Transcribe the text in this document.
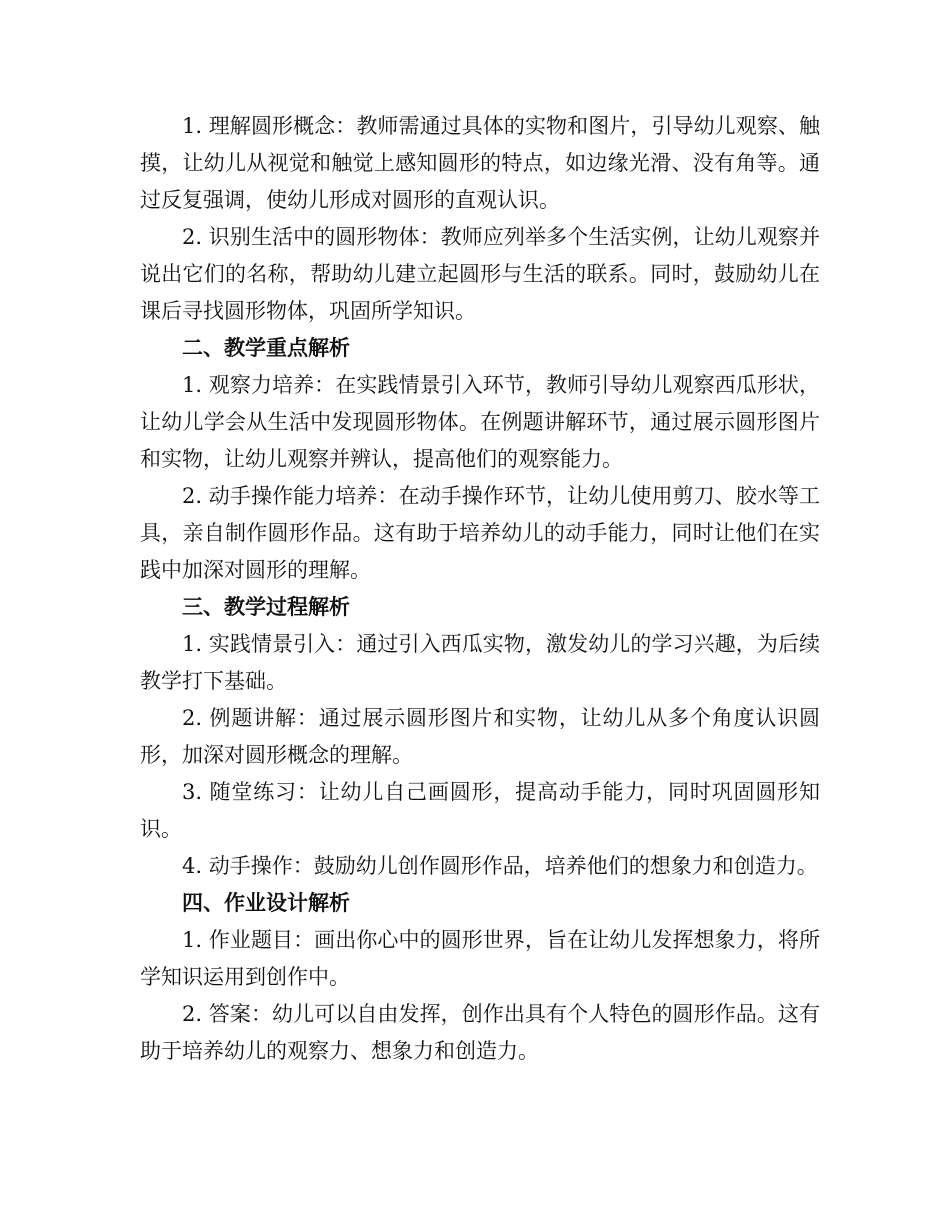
1. 理解圆形概念：教师需通过具体的实物和图片，引导幼儿观察、触摸，让幼儿从视觉和触觉上感知圆形的特点，如边缘光滑、没有角等。通过反复强调，使幼儿形成对圆形的直观认识。

2. 识别生活中的圆形物体：教师应列举多个生活实例，让幼儿观察并说出它们的名称，帮助幼儿建立起圆形与生活的联系。同时，鼓励幼儿在课后寻找圆形物体，巩固所学知识。

二、教学重点解析

1. 观察力培养：在实践情景引入环节，教师引导幼儿观察西瓜形状，让幼儿学会从生活中发现圆形物体。在例题讲解环节，通过展示圆形图片和实物，让幼儿观察并辨认，提高他们的观察能力。

2. 动手操作能力培养：在动手操作环节，让幼儿使用剪刀、胶水等工具，亲自制作圆形作品。这有助于培养幼儿的动手能力，同时让他们在实践中加深对圆形的理解。

三、教学过程解析

1. 实践情景引入：通过引入西瓜实物，激发幼儿的学习兴趣，为后续教学打下基础。

2. 例题讲解：通过展示圆形图片和实物，让幼儿从多个角度认识圆形，加深对圆形概念的理解。

3. 随堂练习：让幼儿自己画圆形，提高动手能力，同时巩固圆形知识。

4. 动手操作：鼓励幼儿创作圆形作品，培养他们的想象力和创造力。

四、作业设计解析

1. 作业题目：画出你心中的圆形世界，旨在让幼儿发挥想象力，将所学知识运用到创作中。

2. 答案：幼儿可以自由发挥，创作出具有个人特色的圆形作品。这有助于培养幼儿的观察力、想象力和创造力。
